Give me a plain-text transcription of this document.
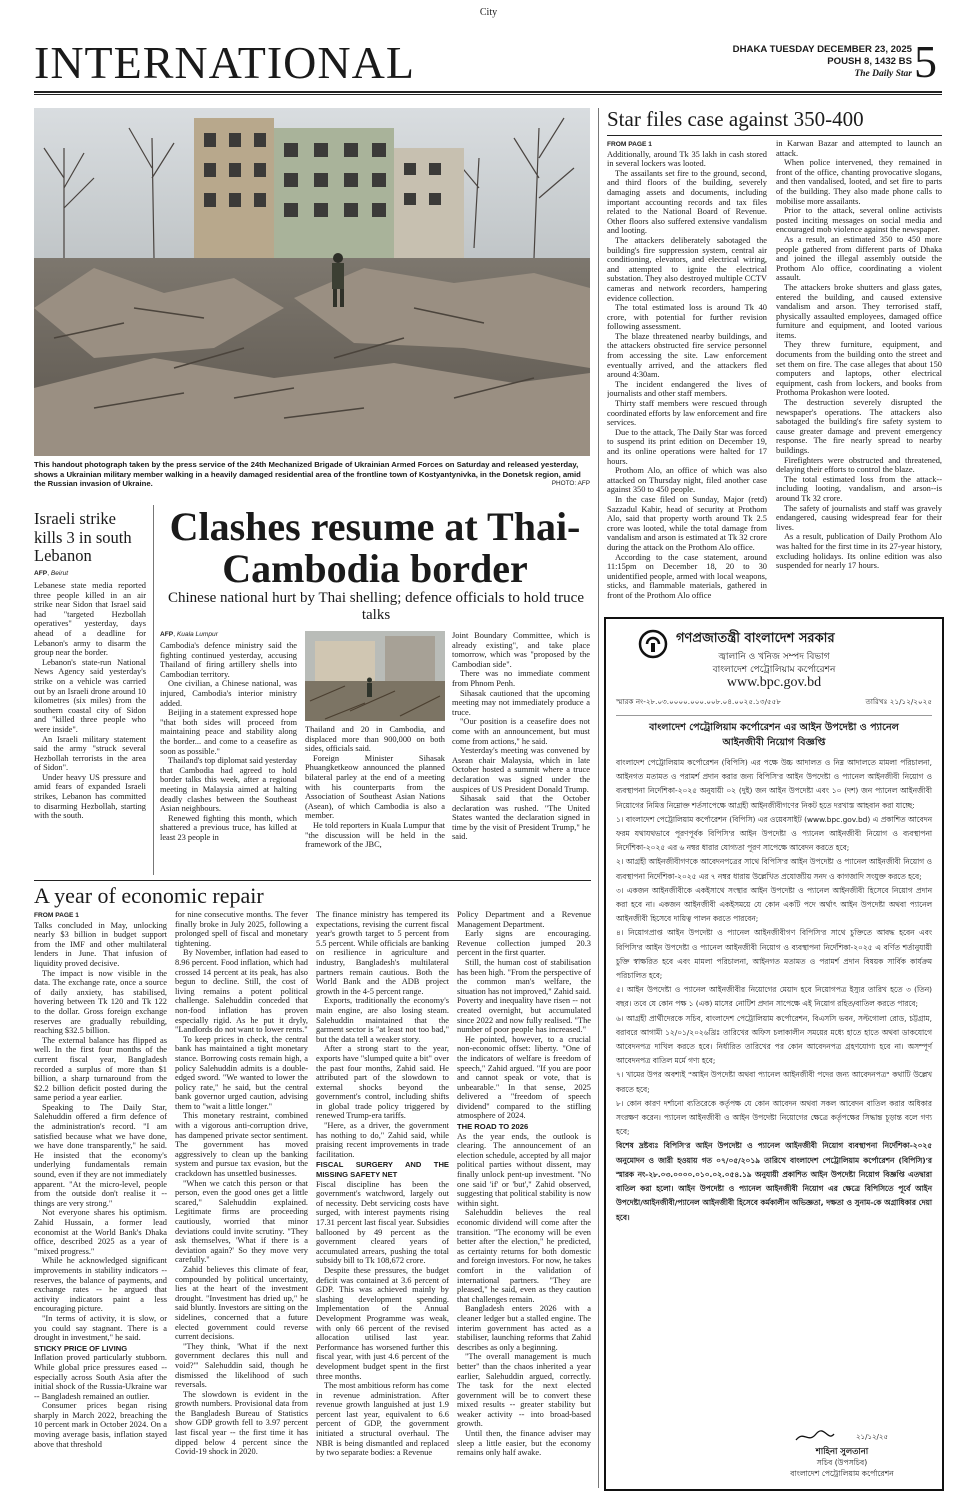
City
INTERNATIONAL	DHAKA TUESDAY DECEMBER 23, 2025
POUSH 8, 1432 BS
The Daily Star 5
This handout photograph taken by the press service of the 24th Mechanized Brigade of Ukrainian Armed Forces on Saturday and released yesterday, shows a Ukrainian military member walking in a heavily damaged residential area of the frontline town of Kostyantynivka, in the Donetsk region, amid the Russian invasion of Ukraine.	PHOTO: AFP
Israeli strike kills 3 in south Lebanon
AFP, Beirut

Lebanese state media reported three people killed in an air strike near Sidon that Israel said had "targeted Hezbollah operatives" yesterday, days ahead of a deadline for Lebanon's army to disarm the group near the border.

Lebanon's state-run National News Agency said yesterday's strike on a vehicle was carried out by an Israeli drone around 10 kilometres (six miles) from the southern coastal city of Sidon and "killed three people who were inside".

An Israeli military statement said the army "struck several Hezbollah terrorists in the area of Sidon".

Under heavy US pressure and amid fears of expanded Israeli strikes, Lebanon has committed to disarming Hezbollah, starting with the south.

Clashes resume at Thai-Cambodia border
Chinese national hurt by Thai shelling; defence officials to hold truce talks
AFP, Kuala Lumpur

Cambodia's defence ministry said the fighting continued yesterday, accusing Thailand of firing artillery shells into Cambodian territory.

One civilian, a Chinese national, was injured, Cambodia's interior ministry added.

Beijing in a statement expressed hope "that both sides will proceed from maintaining peace and stability along the border... and come to a ceasefire as soon as possible."

Thailand's top diplomat said yesterday that Cambodia had agreed to hold border talks this week, after a regional meeting in Malaysia aimed at halting deadly clashes between the Southeast Asian neighbours.

Renewed fighting this month, which shattered a previous truce, has killed at least 23 people in

Thailand and 20 in Cambodia, and displaced more than 900,000 on both sides, officials said.

Foreign Minister Sihasak Phuangketkeow announced the planned bilateral parley at the end of a meeting with his counterparts from the Association of Southeast Asian Nations (Asean), of which Cambodia is also a member.

He told reporters in Kuala Lumpur that "the discussion will be held in the framework of the JBC,

Joint Boundary Committee, which is already existing", and take place tomorrow, which was "proposed by the Cambodian side".

There was no immediate comment from Phnom Penh.

Sihasak cautioned that the upcoming meeting may not immediately produce a truce.

"Our position is a ceasefire does not come with an announcement, but must come from actions," he said.

Yesterday's meeting was convened by Asean chair Malaysia, which in late October hosted a summit where a truce declaration was signed under the auspices of US President Donald Trump.

Sihasak said that the October declaration was rushed. "The United States wanted the declaration signed in time by the visit of President Trump," he said.

Star files case against 350-400
FROM PAGE 1

Additionally, around Tk 35 lakh in cash stored in several lockers was looted.

The assailants set fire to the ground, second, and third floors of the building, severely damaging assets and documents, including important accounting records and tax files related to the National Board of Revenue. Other floors also suffered extensive vandalism and looting.

The attackers deliberately sabotaged the building's fire suppression system, central air conditioning, elevators, and electrical wiring, and attempted to ignite the electrical substation. They also destroyed multiple CCTV cameras and network recorders, hampering evidence collection.

The total estimated loss is around Tk 40 crore, with potential for further revision following assessment.

The blaze threatened nearby buildings, and the attackers obstructed fire service personnel from accessing the site. Law enforcement eventually arrived, and the attackers fled around 4:30am.

The incident endangered the lives of journalists and other staff members.

Thirty staff members were rescued through coordinated efforts by law enforcement and fire services.

Due to the attack, The Daily Star was forced to suspend its print edition on December 19, and its online operations were halted for 17 hours.

Prothom Alo, an office of which was also attacked on Thursday night, filed another case against 350 to 450 people.

In the case filed on Sunday, Major (retd) Sazzadul Kabir, head of security at Prothom Alo, said that property worth around Tk 2.5 crore was looted, while the total damage from vandalism and arson is estimated at Tk 32 crore during the attack on the Prothom Alo office.

According to the case statement, around 11:15pm on December 18, 20 to 30 unidentified people, armed with local weapons, sticks, and flammable materials, gathered in front of the Prothom Alo office

in Karwan Bazar and attempted to launch an attack.

When police intervened, they remained in front of the office, chanting provocative slogans, and then vandalised, looted, and set fire to parts of the building. They also made phone calls to mobilise more assailants.

Prior to the attack, several online activists posted inciting messages on social media and encouraged mob violence against the newspaper.

As a result, an estimated 350 to 450 more people gathered from different parts of Dhaka and joined the illegal assembly outside the Prothom Alo office, coordinating a violent assault.

The attackers broke shutters and glass gates, entered the building, and caused extensive vandalism and arson. They terrorised staff, physically assaulted employees, damaged office furniture and equipment, and looted various items.

They threw furniture, equipment, and documents from the building onto the street and set them on fire. The case alleges that about 150 computers and laptops, other electrical equipment, cash from lockers, and books from Prothoma Prokashon were looted.

The destruction severely disrupted the newspaper's operations. The attackers also sabotaged the building's fire safety system to cause greater damage and prevent emergency response. The fire nearly spread to nearby buildings.

Firefighters were obstructed and threatened, delaying their efforts to control the blaze.

The total estimated loss from the attack--including looting, vandalism, and arson--is around Tk 32 crore.

The safety of journalists and staff was gravely endangered, causing widespread fear for their lives.

As a result, publication of Daily Prothom Alo was halted for the first time in its 27-year history, excluding holidays. Its online edition was also suspended for nearly 17 hours.

A year of economic repair
FROM PAGE 1

Talks concluded in May, unlocking nearly $3 billion in budget support from the IMF and other multilateral lenders in June. That infusion of liquidity proved decisive.

The impact is now visible in the data. The exchange rate, once a source of daily anxiety, has stabilised, hovering between Tk 120 and Tk 122 to the dollar. Gross foreign exchange reserves are gradually rebuilding, reaching $32.5 billion.

The external balance has flipped as well. In the first four months of the current fiscal year, Bangladesh recorded a surplus of more than $1 billion, a sharp turnaround from the $2.2 billion deficit posted during the same period a year earlier.

Speaking to The Daily Star, Salehuddin offered a firm defence of the administration's record. "I am satisfied because what we have done, we have done transparently," he said. He insisted that the economy's underlying fundamentals remain sound, even if they are not immediately apparent. "At the micro-level, people from the outside don't realise it -- things are very strong."

Not everyone shares his optimism. Zahid Hussain, a former lead economist at the World Bank's Dhaka office, described 2025 as a year of "mixed progress."

While he acknowledged significant improvements in stability indicators -- reserves, the balance of payments, and exchange rates -- he argued that activity indicators paint a less encouraging picture.

"In terms of activity, it is slow, or you could say stagnant. There is a drought in investment," he said.

STICKY PRICE OF LIVING

Inflation proved particularly stubborn. While global price pressures eased -- especially across South Asia after the initial shock of the Russia-Ukraine war -- Bangladesh remained an outlier.

Consumer prices began rising sharply in March 2022, breaching the 10 percent mark in October 2024. On a moving average basis, inflation stayed above that threshold

for nine consecutive months. The fever finally broke in July 2025, following a prolonged spell of fiscal and monetary tightening.

By November, inflation had eased to 8.96 percent. Food inflation, which had crossed 14 percent at its peak, has also begun to decline. Still, the cost of living remains a potent political challenge. Salehuddin conceded that non-food inflation has proven especially rigid. As he put it dryly, "Landlords do not want to lower rents."

To keep prices in check, the central bank has maintained a tight monetary stance. Borrowing costs remain high, a policy Salehuddin admits is a double-edged sword. "We wanted to lower the policy rate," he said, but the central bank governor urged caution, advising them to "wait a little longer."

This monetary restraint, combined with a vigorous anti-corruption drive, has dampened private sector sentiment. The government has moved aggressively to clean up the banking system and pursue tax evasion, but the crackdown has unsettled businesses.

"When we catch this person or that person, even the good ones get a little scared," Salehuddin explained. Legitimate firms are proceeding cautiously, worried that minor deviations could invite scrutiny. "They ask themselves, 'What if there is a deviation again?' So they move very carefully."

Zahid believes this climate of fear, compounded by political uncertainty, lies at the heart of the investment drought. "Investment has dried up," he said bluntly. Investors are sitting on the sidelines, concerned that a future elected government could reverse current decisions.

"They think, 'What if the next government declares this null and void?'" Salehuddin said, though he dismissed the likelihood of such reversals.

The slowdown is evident in the growth numbers. Provisional data from the Bangladesh Bureau of Statistics show GDP growth fell to 3.97 percent last fiscal year -- the first time it has dipped below 4 percent since the Covid-19 shock in 2020.

The finance ministry has tempered its expectations, revising the current fiscal year's growth target to 5 percent from 5.5 percent. While officials are banking on resilience in agriculture and industry, Bangladesh's multilateral partners remain cautious. Both the World Bank and the ADB project growth in the 4-5 percent range.

Exports, traditionally the economy's main engine, are also losing steam. Salehuddin maintained that the garment sector is "at least not too bad," but the data tell a weaker story.

After a strong start to the year, exports have "slumped quite a bit" over the past four months, Zahid said. He attributed part of the slowdown to external shocks beyond the government's control, including shifts in global trade policy triggered by renewed Trump-era tariffs.

"Here, as a driver, the government has nothing to do," Zahid said, while praising recent improvements in trade facilitation.

FISCAL SURGERY AND THE MISSING SAFETY NET

Fiscal discipline has been the government's watchword, largely out of necessity. Debt servicing costs have surged, with interest payments rising 17.31 percent last fiscal year. Subsidies ballooned by 49 percent as the government cleared years of accumulated arrears, pushing the total subsidy bill to Tk 108,672 crore.

Despite these pressures, the budget deficit was contained at 3.6 percent of GDP. This was achieved mainly by slashing development spending. Implementation of the Annual Development Programme was weak, with only 66 percent of the revised allocation utilised last year. Performance has worsened further this fiscal year, with just 4.6 percent of the development budget spent in the first three months.

The most ambitious reform has come in revenue administration. After revenue growth languished at just 1.9 percent last year, equivalent to 6.6 percent of GDP, the government initiated a structural overhaul. The NBR is being dismantled and replaced by two separate bodies: a Revenue

Policy Department and a Revenue Management Department.

Early signs are encouraging. Revenue collection jumped 20.3 percent in the first quarter.

Still, the human cost of stabilisation has been high. "From the perspective of the common man's welfare, the situation has not improved," Zahid said. Poverty and inequality have risen -- not created overnight, but accumulated since 2022 and now fully realised. "The number of poor people has increased."

He pointed, however, to a crucial non-economic offset: liberty. "One of the indicators of welfare is freedom of speech," Zahid argued. "If you are poor and cannot speak or vote, that is unbearable." In that sense, 2025 delivered a "freedom of speech dividend" compared to the stifling atmosphere of 2024.

THE ROAD TO 2026

As the year ends, the outlook is clearing. The announcement of an election schedule, accepted by all major political parties without dissent, may finally unlock pent-up investment. "No one said 'if' or 'but'," Zahid observed, suggesting that political stability is now within sight.

Salehuddin believes the real economic dividend will come after the transition. "The economy will be even better after the election," he predicted, as certainty returns for both domestic and foreign investors. For now, he takes comfort in the validation of international partners. "They are pleased," he said, even as they caution that challenges remain.

Bangladesh enters 2026 with a cleaner ledger but a stalled engine. The interim government has acted as a stabiliser, launching reforms that Zahid describes as only a beginning.

"The overall management is much better" than the chaos inherited a year earlier, Salehuddin argued, correctly. The task for the next elected government will be to convert these mixed results -- greater stability but weaker activity -- into broad-based growth.

Until then, the finance adviser may sleep a little easier, but the economy remains only half awake.

গণপ্রজাতন্ত্রী বাংলাদেশ সরকার
জ্বালানি ও খনিজ সম্পদ বিভাগ
বাংলাদেশ পেট্রোলিয়াম কর্পোরেশন
www.bpc.gov.bd
স্মারক নং-২৮.০৩.০০০০.০০০.০০৮.০৪.০০২৫.১৩/৫৫৮	তারিখঃ ২১/১২/২০২৫
বাংলাদেশ পেট্রোলিয়াম কর্পোরেশন এর আইন উপদেষ্টা ও প্যানেল
আইনজীবী নিয়োগ বিজ্ঞপ্তি

বাংলাদেশ পেট্রোলিয়াম কর্পোরেশন (বিপিসি) এর পক্ষে উচ্চ আদালত ও নিম্ন আদালতে মামলা পরিচালনা, আইনগত মতামত ও পরামর্শ প্রদান করার জন্য বিপিসি'র আইন উপদেষ্টা ও প্যানেল আইনজীবী নিয়োগ ও ব্যবস্থাপনা নির্দেশিকা-২০২৫ অনুযায়ী ০২ (দুই) জন আইন উপদেষ্টা এবং ১০ (দশ) জন প্যানেল আইনজীবী নিয়োগের নিমিত্ত নিম্নোক্ত শর্তসাপেক্ষে আগ্রহী আইনজীবীগণের নিকট হতে দরখাস্ত আহবান করা যাচ্ছে:

১। বাংলাদেশ পেট্রোলিয়াম কর্পোরেশন (বিপিসি) এর ওয়েবসাইট (www.bpc.gov.bd) এ প্রকাশিত আবেদন ফরম যথাযথভাবে পূরণপূর্বক বিপিসি'র আইন উপদেষ্টা ও প্যানেল আইনজীবী নিয়োগ ও ব্যবস্থাপনা নির্দেশিকা-২০২৫ এর ৬ নম্বর ধারার যোগ্যতা পূরণ সাপেক্ষে আবেদন করতে হবে;

২। আগ্রহী আইনজীবীগণকে আবেদনপত্রের সাথে বিপিসি'র আইন উপদেষ্টা ও প্যানেল আইনজীবী নিয়োগ ও ব্যবস্থাপনা নির্দেশিকা-২০২৫ এর ৭ নম্বর ধারায় উল্লেখিত প্রযোজ্যীয় সনদ ও কাগজাদি সংযুক্ত করতে হবে;

৩। একজন আইনজীবীকে একইসাথে সংস্থার আইন উপদেষ্টা ও প্যানেল আইনজীবী হিসেবে নিয়োগ প্রদান করা হবে না। একজন আইনজীবী একইসময়ে যে কোন একটি পদে অর্থাৎ আইন উপদেষ্টা অথবা প্যানেল আইনজীবী হিসেবে দায়িত্ব পালন করতে পারবেন;

৪। নিয়োগপ্রাপ্ত আইন উপদেষ্টা ও প্যানেল আইনজীবীগণ বিপিসি'র সাথে চুক্তিতে আবদ্ধ হবেন এবং বিপিসি'র আইন উপদেষ্টা ও প্যানেল আইনজীবী নিয়োগ ও ব্যবস্থাপনা নির্দেশিকা-২০২৫ এ বর্ণিত শর্তানুযায়ী চুক্তি স্বাক্ষরিত হবে এবং মামলা পরিচালনা, আইনগত মতামত ও পরামর্শ প্রদান বিষয়ক সার্বিক কার্যক্রম পরিচালিত হবে;

৫। আইন উপদেষ্টা ও প্যানেল আইনজীবীর নিয়োগের মেয়াদ হবে নিয়োগপত্র ইস্যুর তারিখ হতে ৩ (তিন) বছর। তবে যে কোন পক্ষ ১ (এক) মাসের নোটিশ প্রদান সাপেক্ষে এই নিয়োগ রহিত/বাতিল করতে পারবে;

৬। আগ্রহী প্রার্থীদেরকে সচিব, বাংলাদেশ পেট্রোলিয়াম কর্পোরেশন, বিএসসি ভবন, সল্টগোলা রোড, চট্টগ্রাম, বরাবরে আগামী ১২/০১/২০২৬খ্রিঃ তারিখের অফিস চলাকালীন সময়ের মধ্যে হাতে হাতে অথবা ডাকযোগে আবেদনপত্র দাখিল করতে হবে। নির্ধারিত তারিখের পর কোন আবেদনপত্র গ্রহণযোগ্য হবে না। অসম্পূর্ণ আবেদনপত্র বাতিল মর্মে গণ্য হবে;

৭। খামের উপর অবশ্যই "আইন উপদেষ্টা অথবা প্যানেল আইনজীবী পদের জন্য আবেদনপত্র" কথাটি উল্লেখ করতে হবে;

৮। কোন কারণ দর্শানো ব্যতিরেকে কর্তৃপক্ষ যে কোন আবেদন অথবা সকল আবেদন বাতিল করার অধিকার সংরক্ষণ করেন। প্যানেল আইনজীবী ও আইন উপদেষ্টা নিয়োগের ক্ষেত্রে কর্তৃপক্ষের সিদ্ধান্ত চূড়ান্ত বলে গণ্য হবে;

বিশেষ দ্রষ্টব্যঃ বিপিসি'র আইন উপদেষ্টা ও প্যানেল আইনজীবী নিয়োগ ব্যবস্থাপনা নির্দেশিকা-২০২৫ অনুমোদন ও জারী হওয়ায় গত ০৭/০৫/২০১৯ তারিখে বাংলাদেশ পেট্রোলিয়াম কর্পোরেশন (বিপিসি)'র স্মারক নং-২৮.০৩.০০০০.০১০.০২.০৫৪.১৯ অনুযায়ী প্রকাশিত আইন উপদেষ্টা নিয়োগ বিজ্ঞপ্তি এতদ্বারা বাতিল করা হলো। আইন উপদেষ্টা ও প্যানেল আইনজীবী নিয়োগ এর ক্ষেত্রে বিপিসিতে পূর্বে আইন উপদেষ্টা/আইনজীবী/প্যানেল আইনজীবী হিসেবে কর্মকালীন অভিজ্ঞতা, দক্ষতা ও সুনাম-কে অগ্রাধিকার দেয়া হবে।

২১/১২/২৫
শাহিনা সুলতানা
সচিব (উপসচিব)
বাংলাদেশ পেট্রোলিয়াম কর্পোরেশন
